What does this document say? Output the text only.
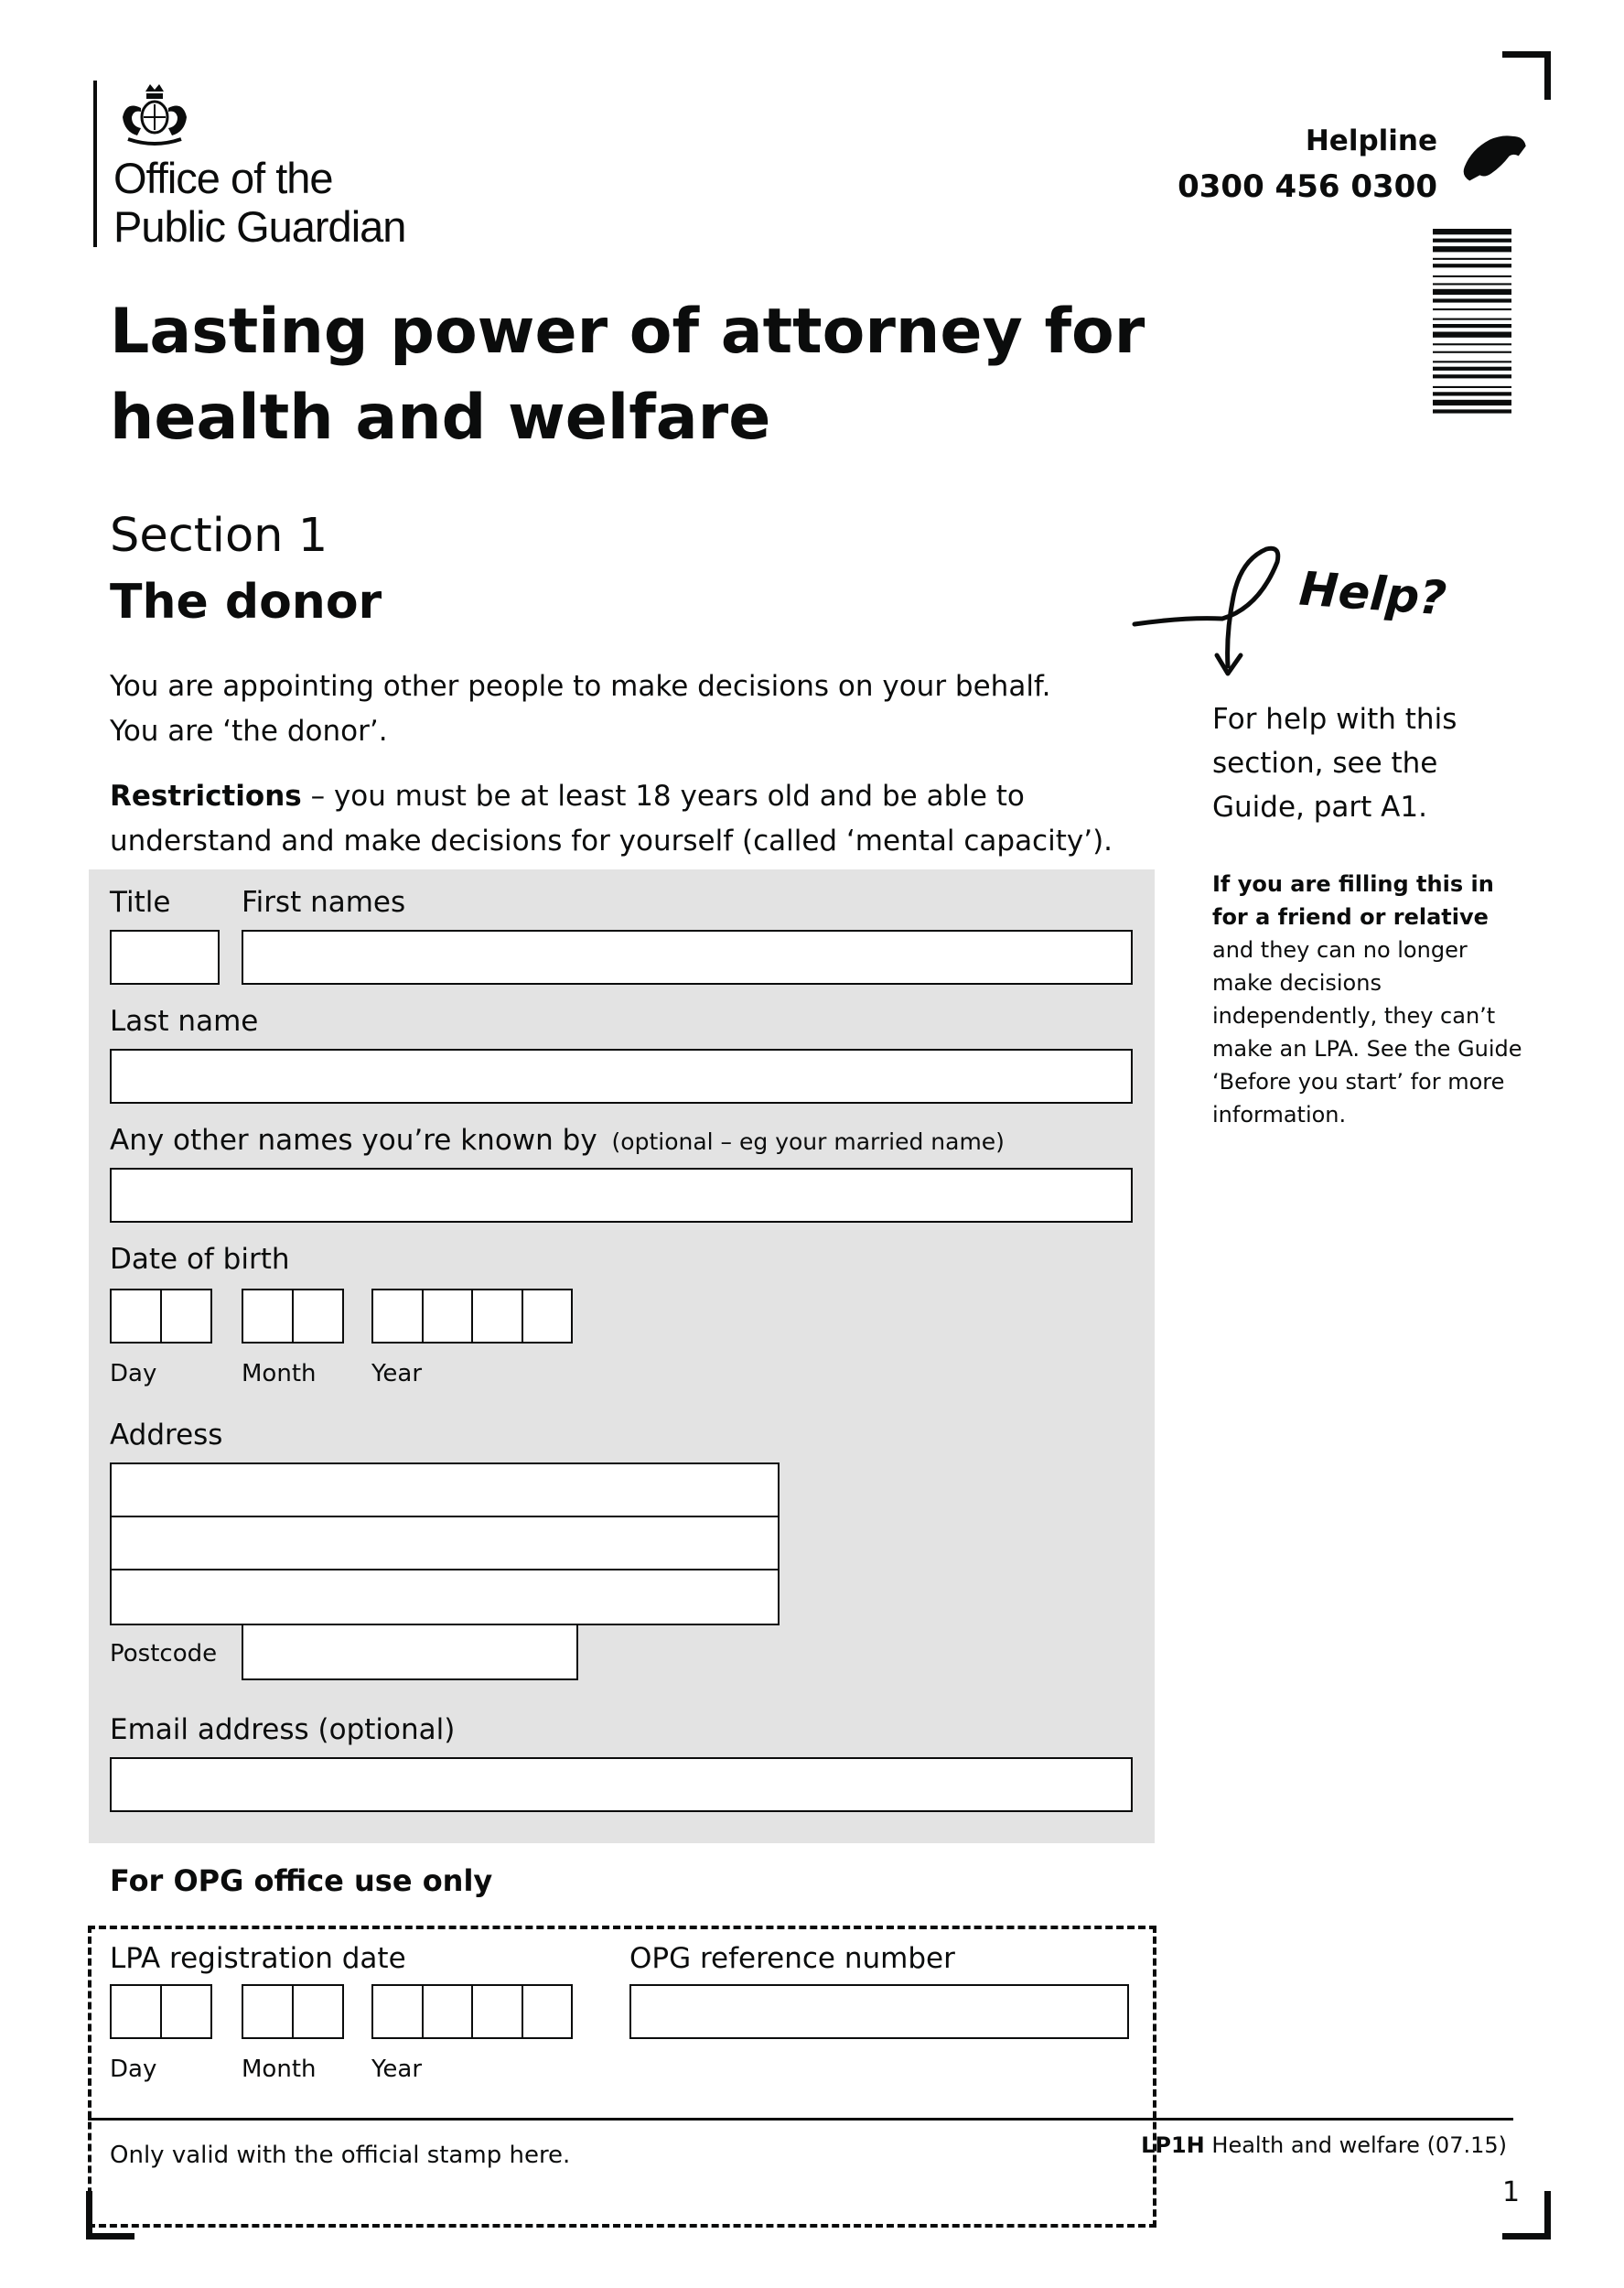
Office of the
Public Guardian
Helpline
0300 456 0300
Lasting power of attorney for
health and welfare
Section 1
The donor
You are appointing other people to make decisions on your behalf.
You are ‘the donor’.
Restrictions – you must be at least 18 years old and be able to understand and make decisions for yourself (called ‘mental capacity’).
Help?
For help with this section, see the Guide, part A1.
If you are filling this in for a friend or relative and they can no longer make decisions independently, they can’t make an LPA. See the Guide ‘Before you start’ for more information.
Title	First names
Last name
Any other names you’re known by (optional – eg your married name)
Date of birth
Day	Month Year
Address
Postcode
Email address (optional)
For OPG office use only
LPA registration date	OPG reference number
Day	Month Year
Only valid with the official stamp here.	LP1H Health and welfare (07.15)
1
